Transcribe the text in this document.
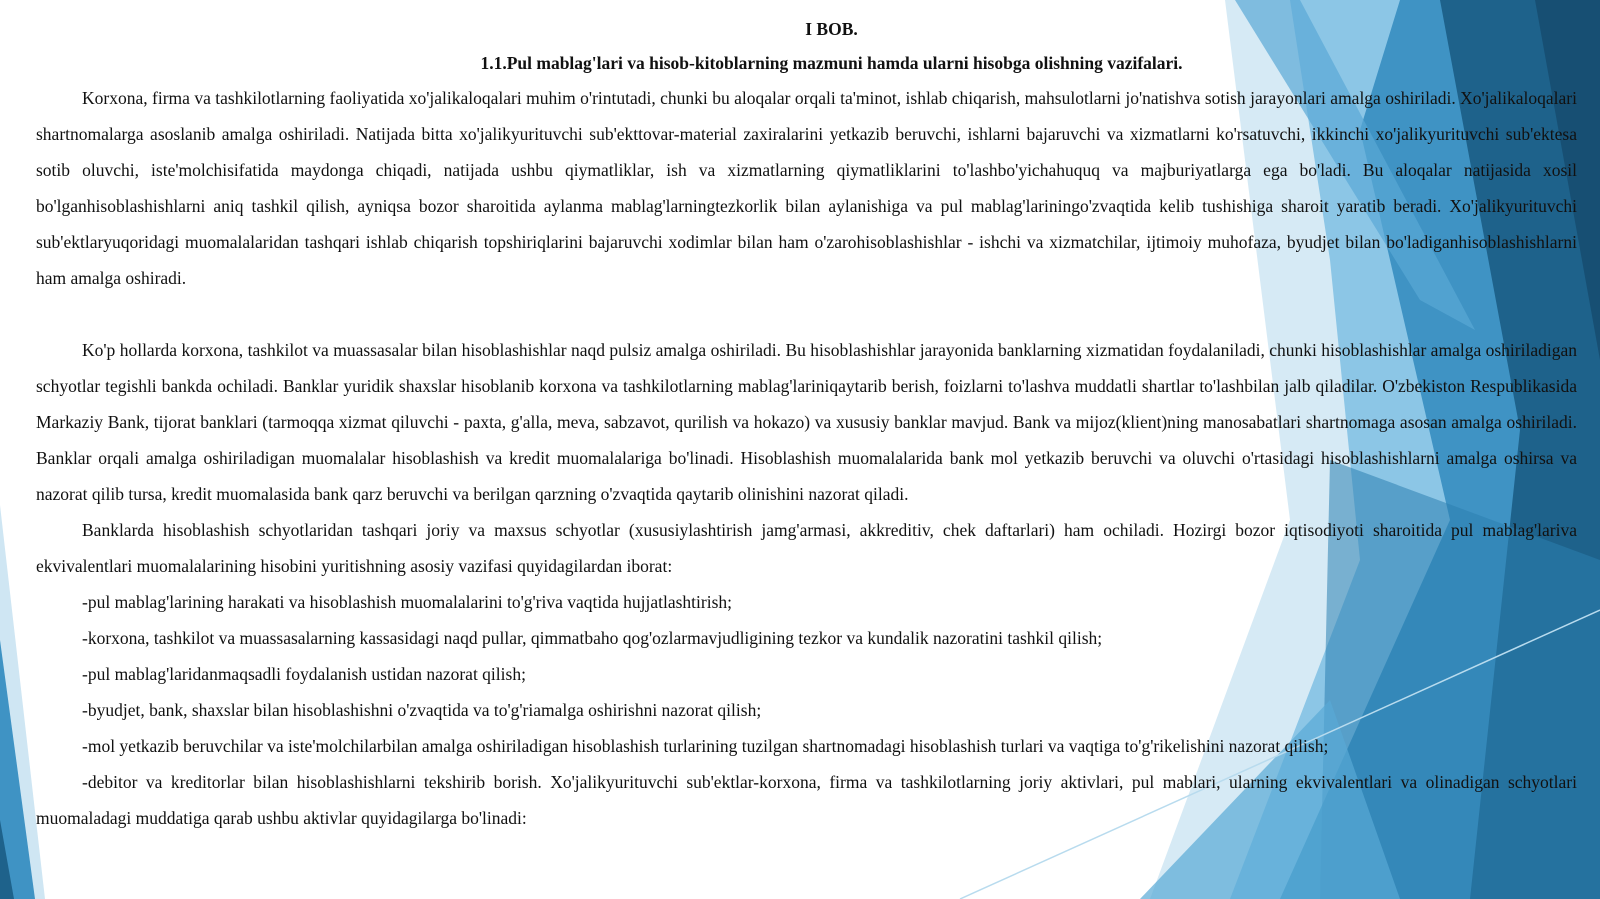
I BOB.

1.1.Pul mablag'lari va hisob-kitoblarning mazmuni hamda ularni hisobga olishning vazifalari.

Korxona, firma va tashkilotlarning faoliyatida xo'jalikaloqalari muhim o'rintutadi, chunki bu aloqalar orqali ta'minot, ishlab chiqarish, mahsulotlarni jo'natishva sotish jarayonlari amalga oshiriladi. Xo'jalikaloqalari shartnomalarga asoslanib amalga oshiriladi. Natijada bitta xo'jalikyurituvchi sub'ekttovar-material zaxiralarini yetkazib beruvchi, ishlarni bajaruvchi va xizmatlarni ko'rsatuvchi, ikkinchi xo'jalikyurituvchi sub'ektesa sotib oluvchi, iste'molchisifatida maydonga chiqadi, natijada ushbu qiymatliklar, ish va xizmatlarning qiymatliklarini to'lashbo'yichahuquq va majburiyatlarga ega bo'ladi. Bu aloqalar natijasida xosil bo'lganhisoblashishlarni aniq tashkil qilish, ayniqsa bozor sharoitida aylanma mablag'larningtezkorlik bilan aylanishiga va pul mablag'lariningo'zvaqtida kelib tushishiga sharoit yaratib beradi. Xo'jalikyurituvchi sub'ektlaryuqoridagi muomalalaridan tashqari ishlab chiqarish topshiriqlarini bajaruvchi xodimlar bilan ham o'zarohisoblashishlar - ishchi va xizmatchilar, ijtimoiy muhofaza, byudjet bilan bo'ladiganhisoblashishlarni ham amalga oshiradi.

Ko'p hollarda korxona, tashkilot va muassasalar bilan hisoblashishlar naqd pulsiz amalga oshiriladi. Bu hisoblashishlar jarayonida banklarning xizmatidan foydalaniladi, chunki hisoblashishlar amalga oshiriladigan schyotlar tegishli bankda ochiladi. Banklar yuridik shaxslar hisoblanib korxona va tashkilotlarning mablag'lariniqaytarib berish, foizlarni to'lashva muddatli shartlar to'lashbilan jalb qiladilar. O'zbekiston Respublikasida Markaziy Bank, tijorat banklari (tarmoqqa xizmat qiluvchi - paxta, g'alla, meva, sabzavot, qurilish va hokazo) va xususiy banklar mavjud. Bank va mijoz(klient)ning manosabatlari shartnomaga asosan amalga oshiriladi. Banklar orqali amalga oshiriladigan muomalalar hisoblashish va kredit muomalalariga bo'linadi. Hisoblashish muomalalarida bank mol yetkazib beruvchi va oluvchi o'rtasidagi hisoblashishlarni amalga oshirsa va nazorat qilib tursa, kredit muomalasida bank qarz beruvchi va berilgan qarzning o'zvaqtida qaytarib olinishini nazorat qiladi.

Banklarda hisoblashish schyotlaridan tashqari joriy va maxsus schyotlar (xususiylashtirish jamg'armasi, akkreditiv, chek daftarlari) ham ochiladi. Hozirgi bozor iqtisodiyoti sharoitida pul mablag'lariva ekvivalentlari muomalalarining hisobini yuritishning asosiy vazifasi quyidagilardan iborat:

-pul mablag'larining harakati va hisoblashish muomalalarini to'g'riva vaqtida hujjatlashtirish;

-korxona, tashkilot va muassasalarning kassasidagi naqd pullar, qimmatbaho qog'ozlarmavjudligining tezkor va kundalik nazoratini tashkil qilish;

-pul mablag'laridanmaqsadli foydalanish ustidan nazorat qilish;

-byudjet, bank, shaxslar bilan hisoblashishni o'zvaqtida va to'g'riamalga oshirishni nazorat qilish;

-mol yetkazib beruvchilar va iste'molchilarbilan amalga oshiriladigan hisoblashish turlarining tuzilgan shartnomadagi hisoblashish turlari va vaqtiga to'g'rikelishini nazorat qilish;

-debitor va kreditorlar bilan hisoblashishlarni tekshirib borish. Xo'jalikyurituvchi sub'ektlar-korxona, firma va tashkilotlarning joriy aktivlari, pul mablari, ularning ekvivalentlari va olinadigan schyotlari muomaladagi muddatiga qarab ushbu aktivlar quyidagilarga bo'linadi:
